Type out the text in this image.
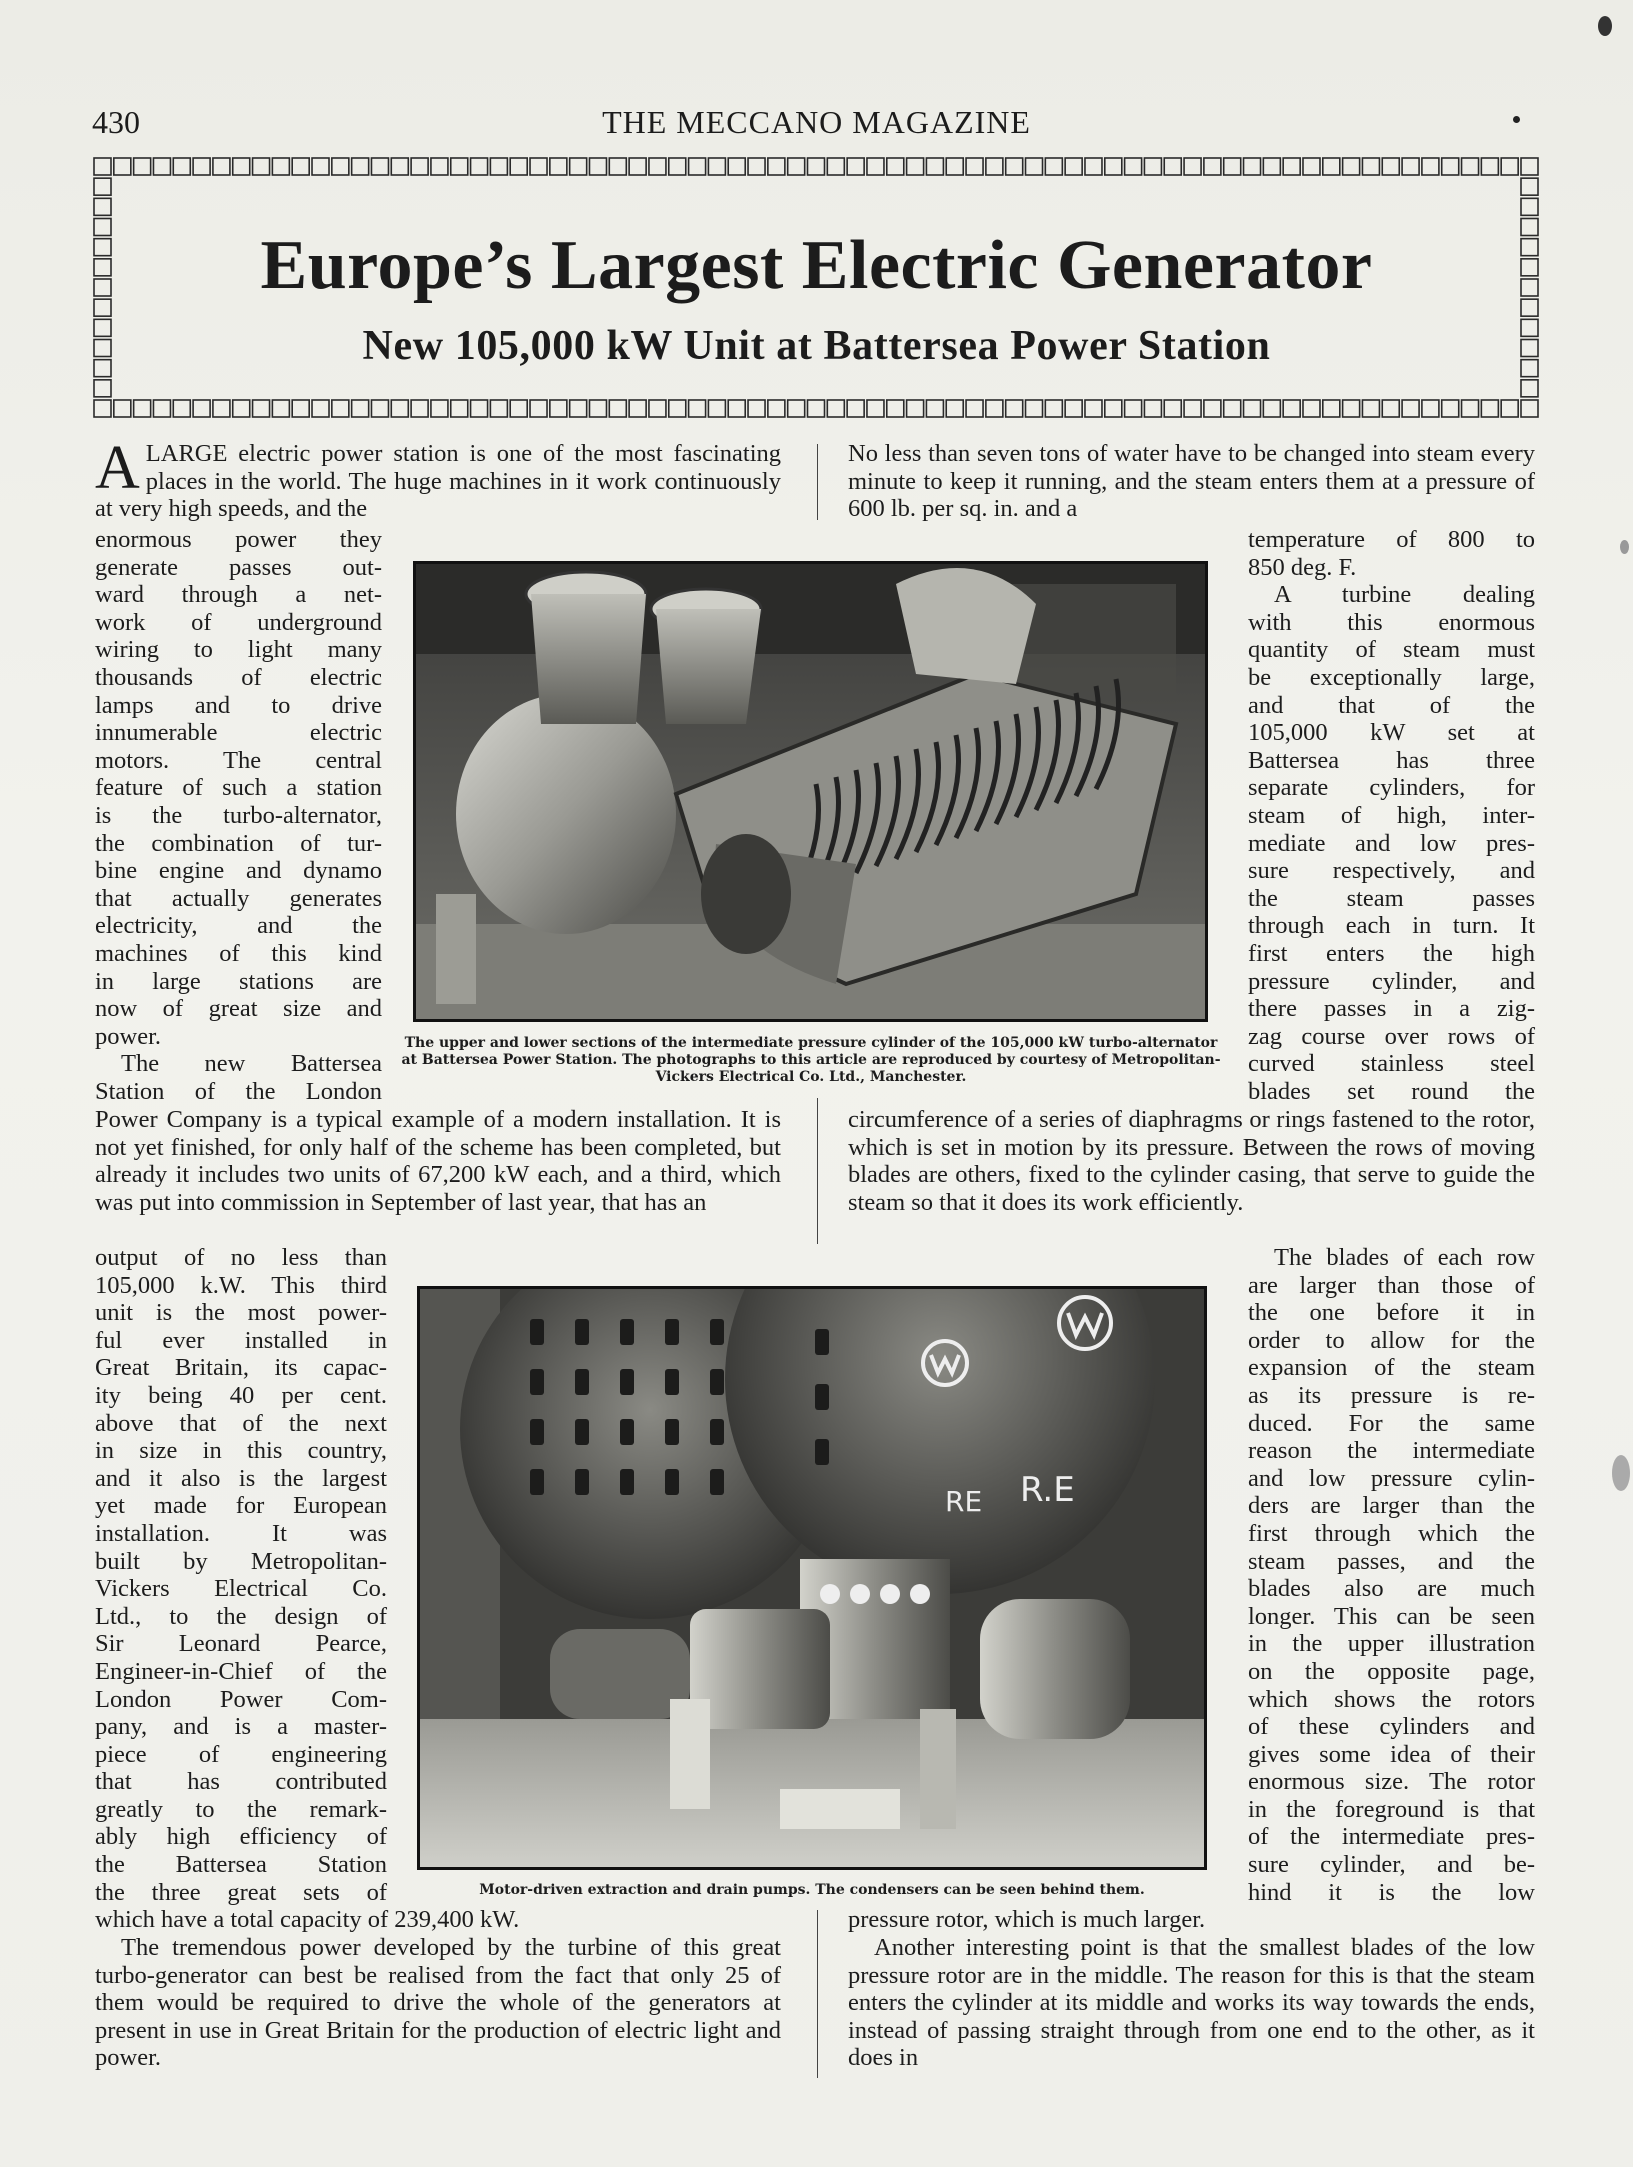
430	THE MECCANO MAGAZINE
Europe’s Largest Electric Generator
New 105,000 kW Unit at Battersea Power Station

ALARGE electric power station is one of the most fascinating places in the world. The huge machines in it work continuously at very high speeds, and the

enormous power they
generate passes out-
ward through a net-
work of underground
wiring to light many
thousands of electric
lamps and to drive
innumerable electric
motors. The central
feature of such a station
is the turbo-alternator,
the combination of tur-
bine engine and dynamo
that actually generates
electricity, and the
machines of this kind
in large stations are
now of great size and
power.
The new Battersea
Station of the London
Power Company is a typical example of a modern installation. It is not yet finished, for only half of the scheme has been completed, but already it includes two units of 67,200 kW each, and a third, which was put into commission in September of last year, that has an
output of no less than
105,000 k.W. This third
unit is the most power-
ful ever installed in
Great Britain, its capac-
ity being 40 per cent.
above that of the next
in size in this country,
and it also is the largest
yet made for European
installation. It was
built by Metropolitan-
Vickers Electrical Co.
Ltd., to the design of
Sir Leonard Pearce,
Engineer-in-Chief of the
London Power Com-
pany, and is a master-
piece of engineering
that has contributed
greatly to the remark-
ably high efficiency of
the Battersea Station
the three great sets of
which have a total capacity of 239,400 kW.
The tremendous power developed by the turbine of this great turbo-generator can best be realised from the fact that only 25 of them would be required to drive the whole of the generators at present in use in Great Britain for the production of electric light and power.
No less than seven tons of water have to be changed into steam every minute to keep it running, and the steam enters them at a pressure of 600 lb. per sq. in. and a
temperature of 800 to
850 deg. F.
A turbine dealing
with this enormous
quantity of steam must
be exceptionally large,
and that of the
105,000 kW set at
Battersea has three
separate cylinders, for
steam of high, inter-
mediate and low pres-
sure respectively, and
the steam passes
through each in turn. It
first enters the high
pressure cylinder, and
there passes in a zig-
zag course over rows of
curved stainless steel
blades set round the
circumference of a series of diaphragms or rings fastened to the rotor, which is set in motion by its pressure. Between the rows of moving blades are others, fixed to the cylinder casing, that serve to guide the steam so that it does its work efficiently.
The blades of each row
are larger than those of
the one before it in
order to allow for the
expansion of the steam
as its pressure is re-
duced. For the same
reason the intermediate
and low pressure cylin-
ders are larger than the
first through which the
steam passes, and the
blades also are much
longer. This can be seen
in the upper illustration
on the opposite page,
which shows the rotors
of these cylinders and
gives some idea of their
enormous size. The rotor
in the foreground is that
of the intermediate pres-
sure cylinder, and be-
hind it is the low
pressure rotor, which is much larger.
Another interesting point is that the smallest blades of the low pressure rotor are in the middle. The reason for this is that the steam enters the cylinder at its middle and works its way towards the ends, instead of passing straight through from one end to the other, as it does in
The upper and lower sections of the intermediate pressure cylinder of the 105,000 kW turbo-alternator at Battersea Power Station. The photographs to this article are reproduced by courtesy of Metropolitan-Vickers Electrical Co. Ltd., Manchester.
RE R.E
Motor-driven extraction and drain pumps. The condensers can be seen behind them.
